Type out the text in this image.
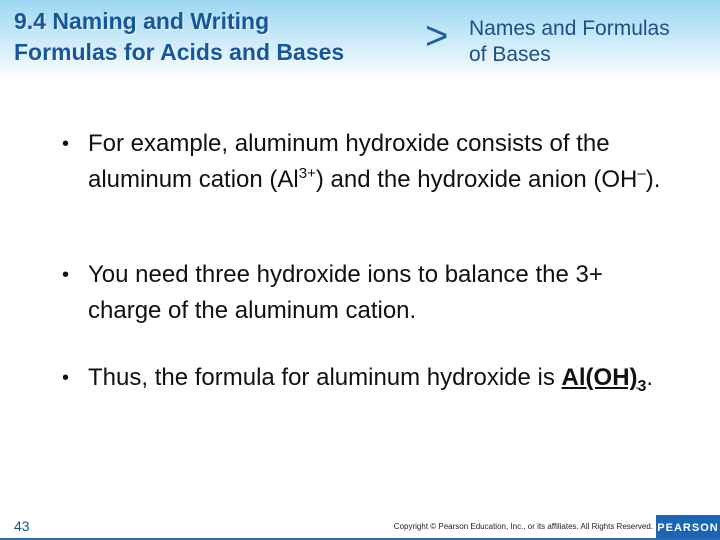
9.4 Naming and Writing
Formulas for Acids and Bases	> Names and Formulas
of Bases
• For example, aluminum hydroxide consists of the aluminum cation $(Al^{3+})$ and the hydroxide anion (OH–).
• You need three hydroxide ions to balance the 3+ charge of the aluminum cation.
• Thus, the formula for aluminum hydroxide is $Al(OH)_3$.
43	Copyright © Pearson Education, Inc., or its affiliates. All Rights Reserved. PEARSON
